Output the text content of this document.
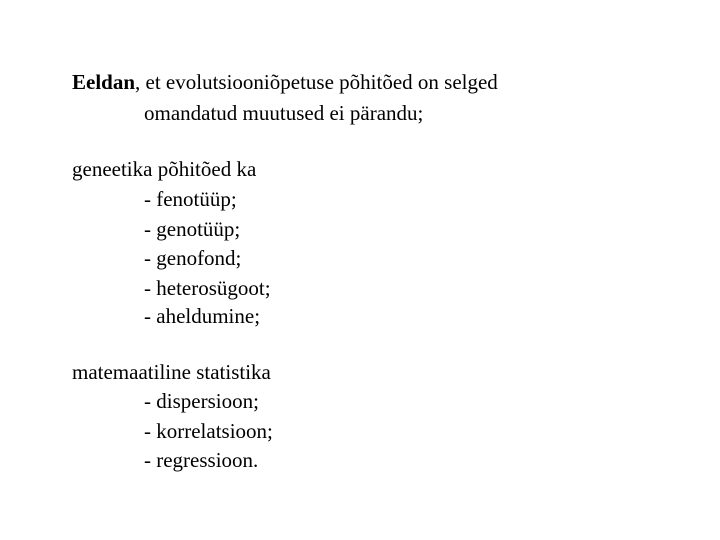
Eeldan, et evolutsiooniõpetuse põhitõed on selged
omandatud muutused ei pärandu;
geneetika põhitõed ka
- fenotüüp;
- genotüüp;
- genofond;
- heterosügoot;
- aheldumine;
matemaatiline statistika
- dispersioon;
- korrelatsioon;
- regressioon.
